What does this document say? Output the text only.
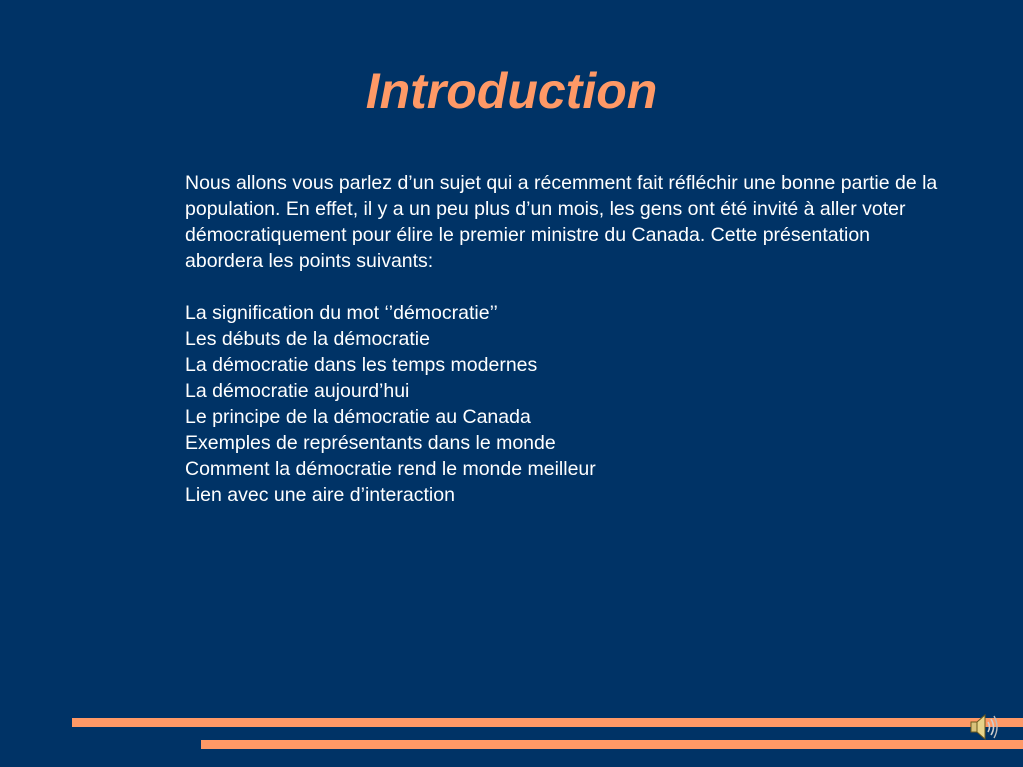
Introduction

Nous allons vous parlez d’un sujet qui a récemment fait réfléchir une bonne partie de la population. En effet, il y a un peu plus d’un mois, les gens ont été invité à aller voter démocratiquement pour élire le premier ministre du Canada. Cette présentation abordera les points suivants:

La signification du mot ‘’démocratie’’
Les débuts de la démocratie
La démocratie dans les temps modernes
La démocratie aujourd’hui
Le principe de la démocratie au Canada
Exemples de représentants dans le monde
Comment la démocratie rend le monde meilleur
Lien avec une aire d’interaction
